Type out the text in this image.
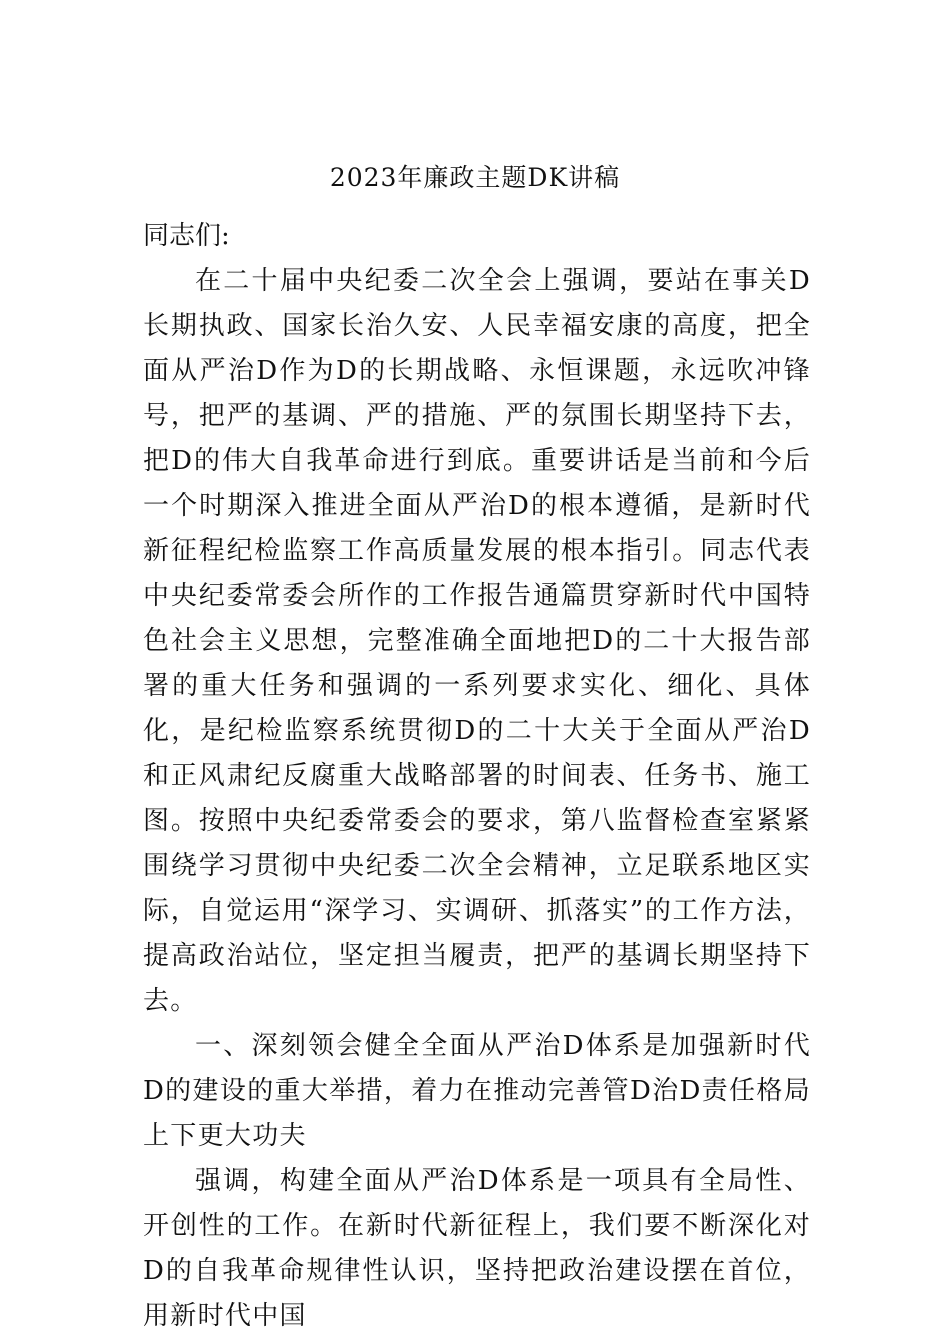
2023年廉政主题DK讲稿

同志们:

在二十届中央纪委二次全会上强调，要站在事关D长期执政、国家长治久安、人民幸福安康的高度，把全面从严治D作为D的长期战略、永恒课题，永远吹冲锋号，把严的基调、严的措施、严的氛围长期坚持下去，把D的伟大自我革命进行到底。重要讲话是当前和今后一个时期深入推进全面从严治D的根本遵循，是新时代新征程纪检监察工作高质量发展的根本指引。同志代表中央纪委常委会所作的工作报告通篇贯穿新时代中国特色社会主义思想，完整准确全面地把D的二十大报告部署的重大任务和强调的一系列要求实化、细化、具体化，是纪检监察系统贯彻D的二十大关于全面从严治D和正风肃纪反腐重大战略部署的时间表、任务书、施工图。按照中央纪委常委会的要求，第八监督检查室紧紧围绕学习贯彻中央纪委二次全会精神，立足联系地区实际，自觉运用“深学习、实调研、抓落实”的工作方法，提高政治站位，坚定担当履责，把严的基调长期坚持下去。

一、深刻领会健全全面从严治D体系是加强新时代D的建设的重大举措，着力在推动完善管D治D责任格局上下更大功夫

强调，构建全面从严治D体系是一项具有全局性、开创性的工作。在新时代新征程上，我们要不断深化对D的自我革命规律性认识，坚持把政治建设摆在首位，用新时代中国
